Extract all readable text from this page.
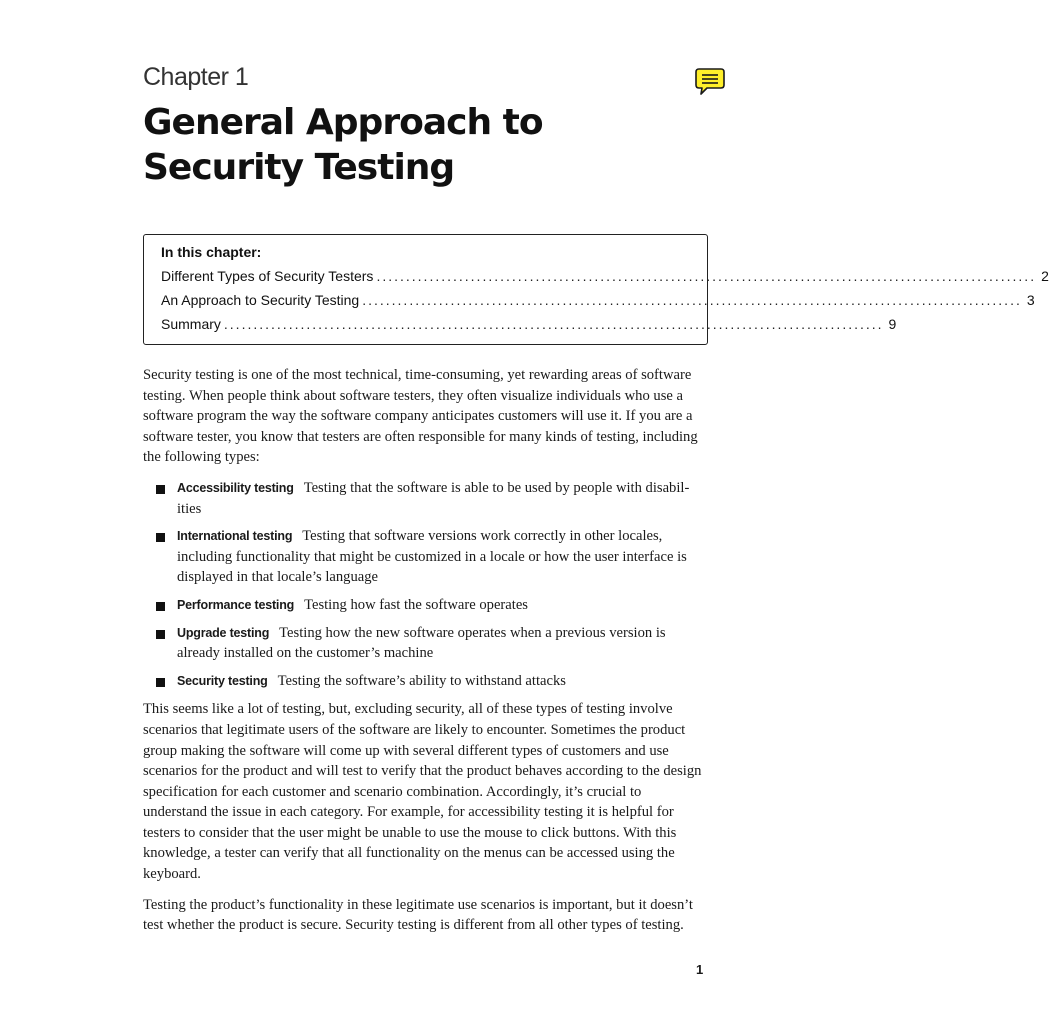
Chapter 1
General Approach to Security Testing
In this chapter:
Different Types of Security Testers ................................................................................................................ 2
An Approach to Security Testing ................................................................................................................ 3
Summary ................................................................................................................ 9

Security testing is one of the most technical, time-consuming, yet rewarding areas of software testing. When people think about software testers, they often visualize individuals who use a software program the way the software company anticipates customers will use it. If you are a software tester, you know that testers are often responsible for many kinds of testing, including the following types:

Accessibility testing Testing that the software is able to be used by people with disabil-ities
International testing Testing that software versions work correctly in other locales, including functionality that might be customized in a locale or how the user interface is displayed in that locale’s language
Performance testing Testing how fast the software operates
Upgrade testing Testing how the new software operates when a previous version is already installed on the customer’s machine
Security testing Testing the software’s ability to withstand attacks

This seems like a lot of testing, but, excluding security, all of these types of testing involve scenarios that legitimate users of the software are likely to encounter. Sometimes the product group making the software will come up with several different types of customers and use scenarios for the product and will test to verify that the product behaves according to the design specification for each customer and scenario combination. Accordingly, it’s crucial to understand the issue in each category. For example, for accessibility testing it is helpful for testers to consider that the user might be unable to use the mouse to click buttons. With this knowledge, a tester can verify that all functionality on the menus can be accessed using the keyboard.

Testing the product’s functionality in these legitimate use scenarios is important, but it doesn’t test whether the product is secure. Security testing is different from all other types of testing.

1
